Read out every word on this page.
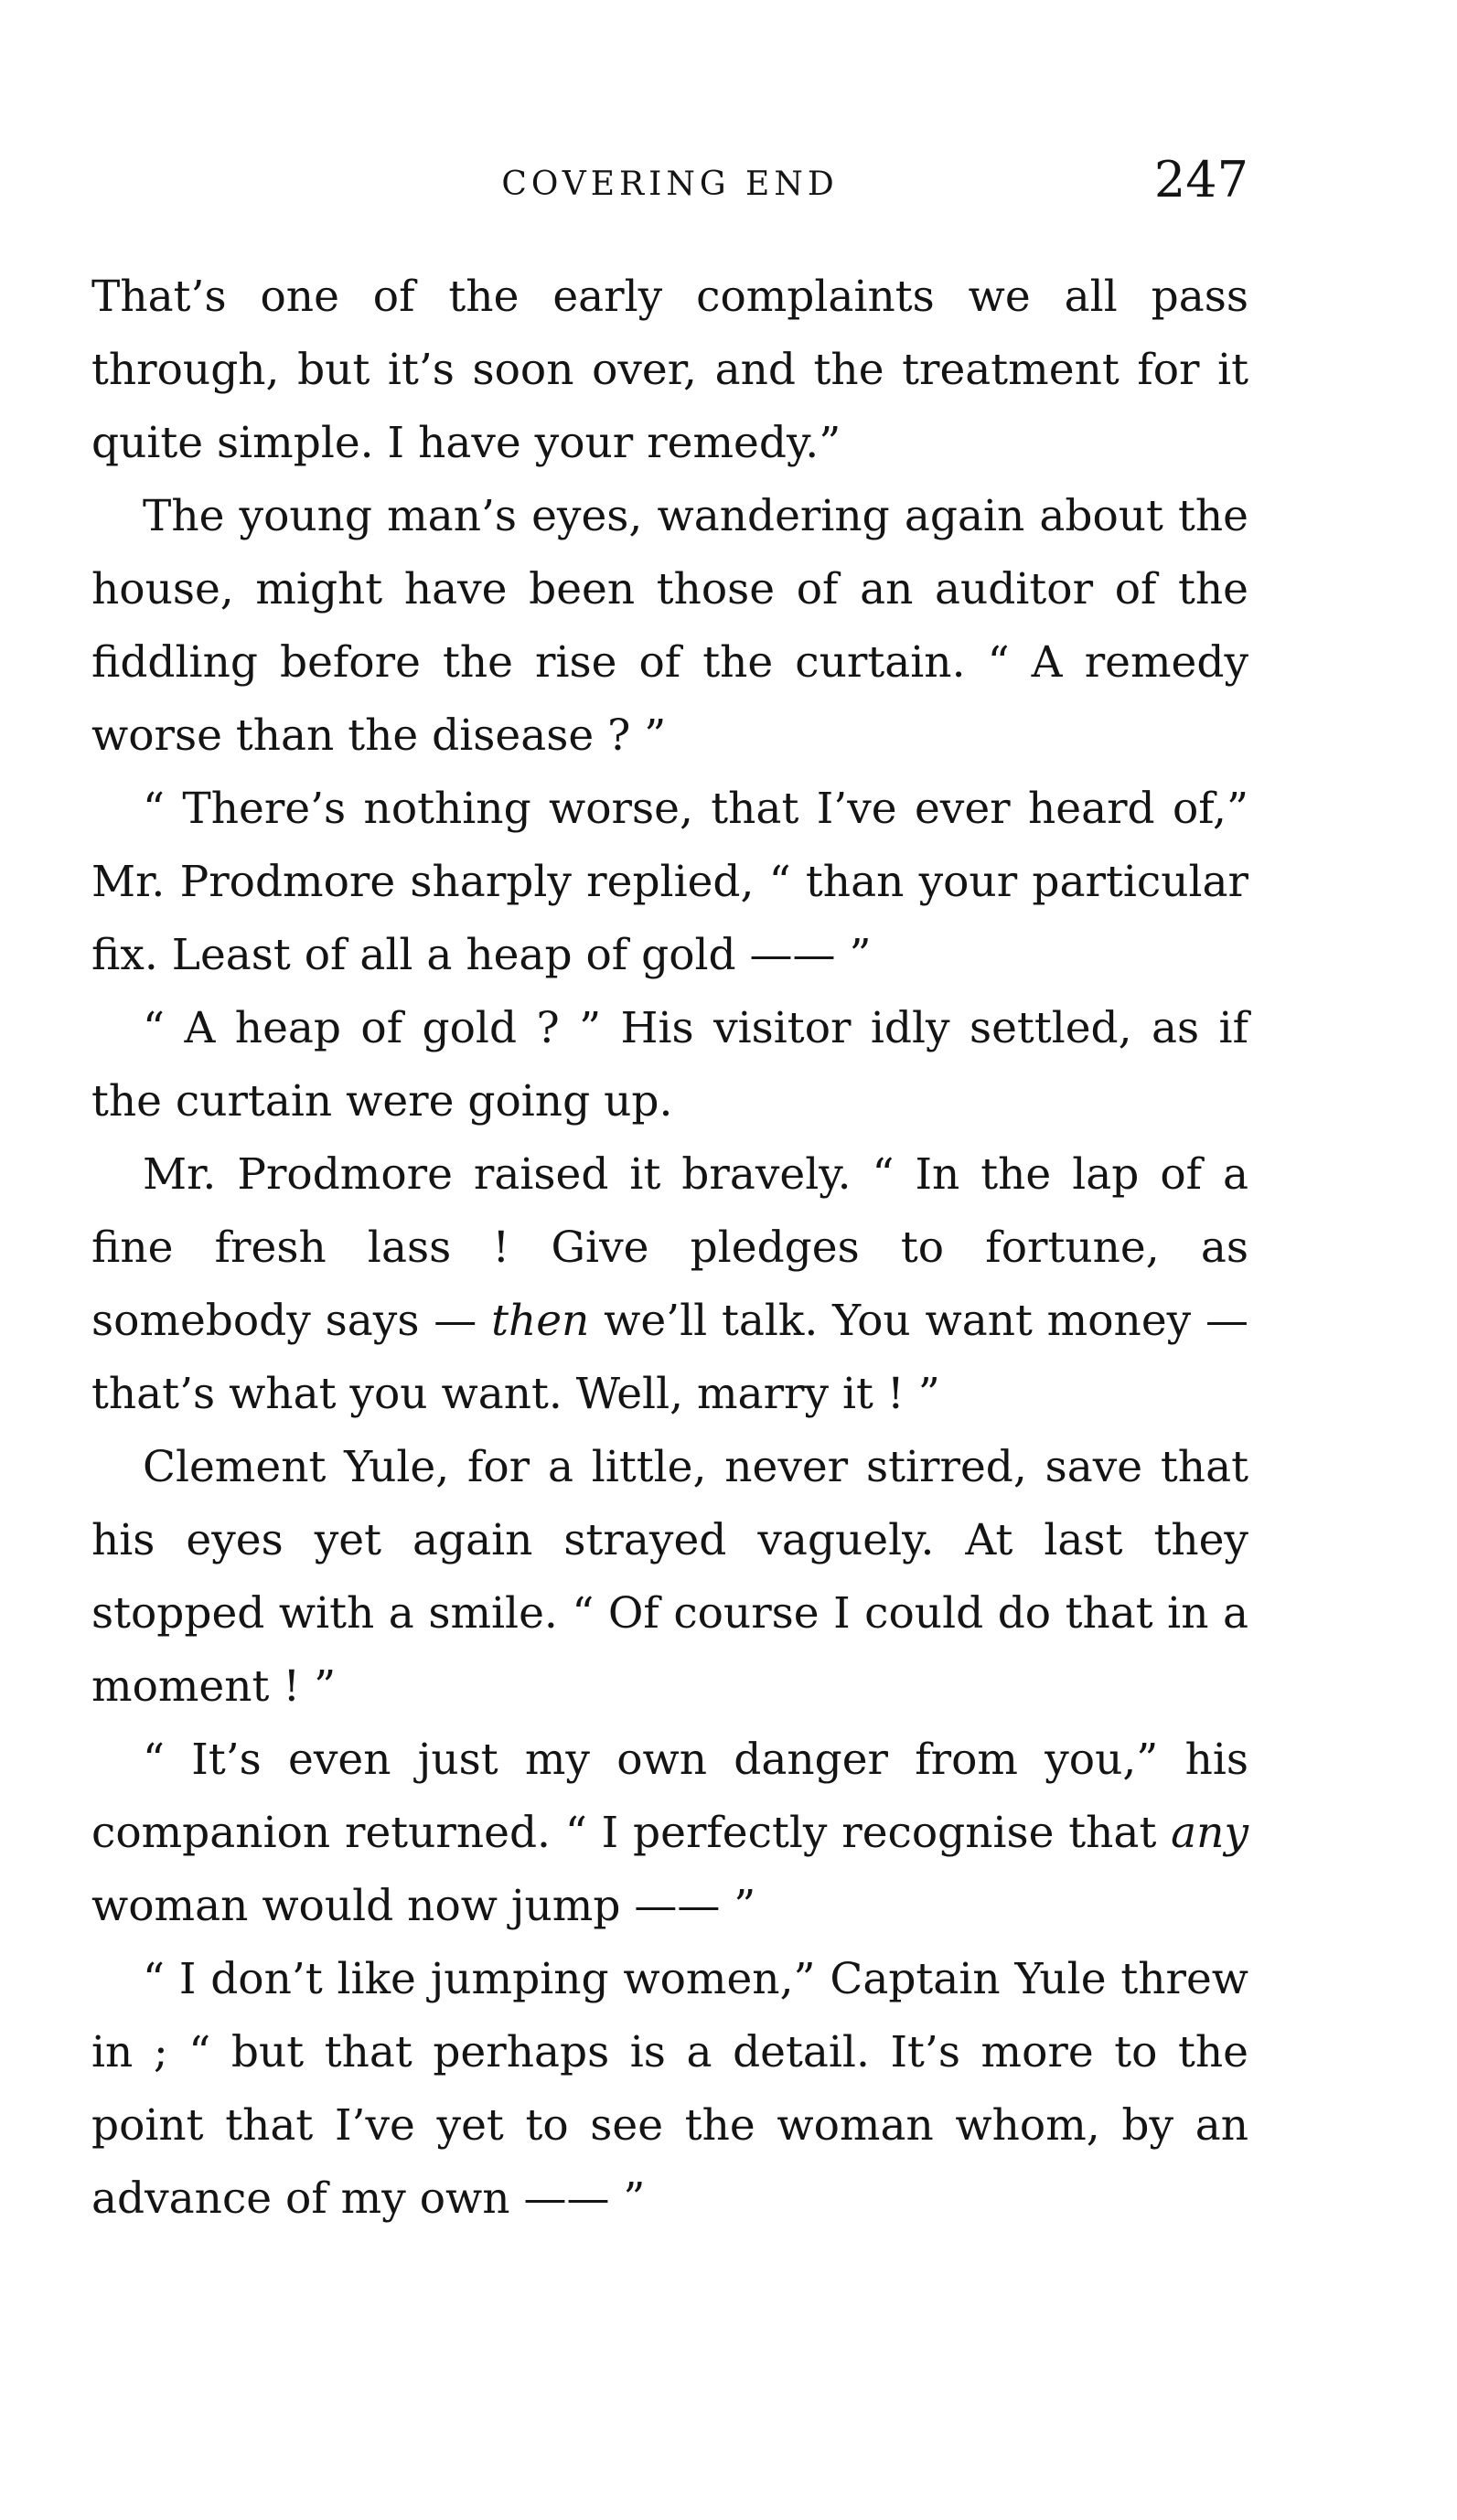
COVERING END	247

That’s one of the early complaints we all pass through, but it’s soon over, and the treatment for it quite simple. I have your remedy.”

The young man’s eyes, wandering again about the house, might have been those of an auditor of the fiddling before the rise of the curtain. “ A remedy worse than the disease ? ”

“ There’s nothing worse, that I’ve ever heard of,” Mr. Prodmore sharply replied, “ than your particular fix. Least of all a heap of gold —— ”

“ A heap of gold ? ” His visitor idly settled, as if the curtain were going up.

Mr. Prodmore raised it bravely. “ In the lap of a fine fresh lass ! Give pledges to fortune, as somebody says — then we’ll talk. You want money — that’s what you want. Well, marry it ! ”

Clement Yule, for a little, never stirred, save that his eyes yet again strayed vaguely. At last they stopped with a smile. “ Of course I could do that in a moment ! ”

“ It’s even just my own danger from you,” his companion returned. “ I perfectly recognise that any woman would now jump —— ”

“ I don’t like jumping women,” Captain Yule threw in ; “ but that perhaps is a detail. It’s more to the point that I’ve yet to see the woman whom, by an advance of my own —— ”
